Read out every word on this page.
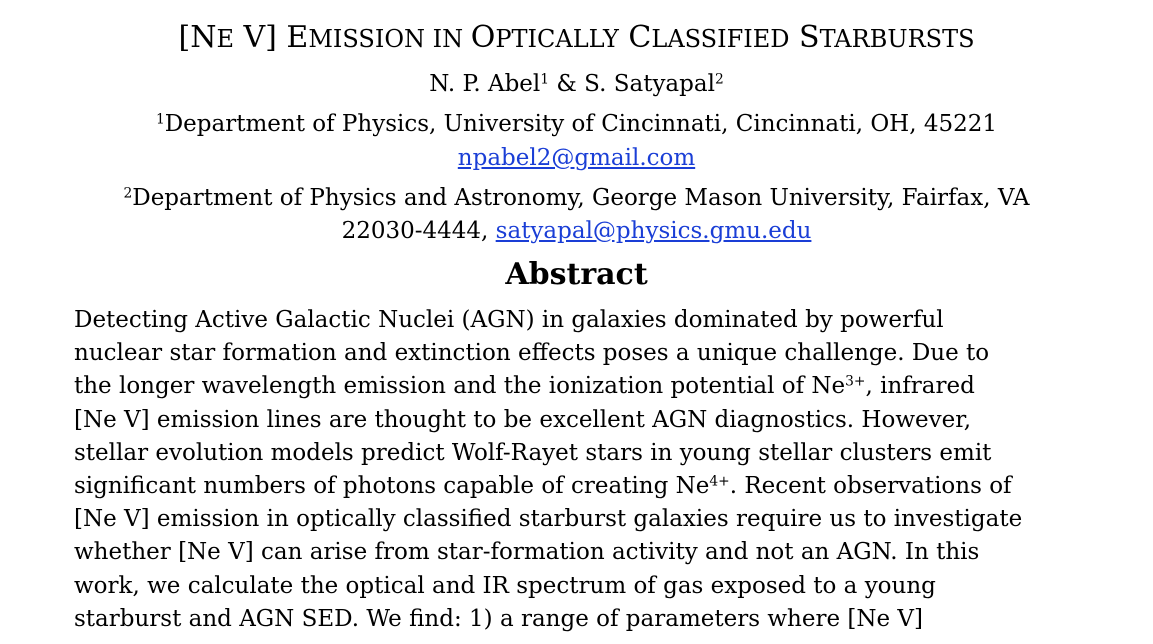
[NE V] EMISSION IN OPTICALLY CLASSIFIED STARBURSTS
N. P. Abel$^1$ & S. Satyapal$^2$
$^1$Department of Physics, University of Cincinnati, Cincinnati, OH, 45221
npabel2@gmail.com
$^2$Department of Physics and Astronomy, George Mason University, Fairfax, VA
22030-4444, satyapal@physics.gmu.edu
Abstract
Detecting Active Galactic Nuclei (AGN) in galaxies dominated by powerful
nuclear star formation and extinction effects poses a unique challenge. Due to
the longer wavelength emission and the ionization potential of $Ne^{3+}$, infrared
[Ne V] emission lines are thought to be excellent AGN diagnostics. However,
stellar evolution models predict Wolf-Rayet stars in young stellar clusters emit
significant numbers of photons capable of creating $Ne^{4+}$. Recent observations of
[Ne V] emission in optically classified starburst galaxies require us to investigate
whether [Ne V] can arise from star-formation activity and not an AGN. In this
work, we calculate the optical and IR spectrum of gas exposed to a young
starburst and AGN SED. We find: 1) a range of parameters where [Ne V]
